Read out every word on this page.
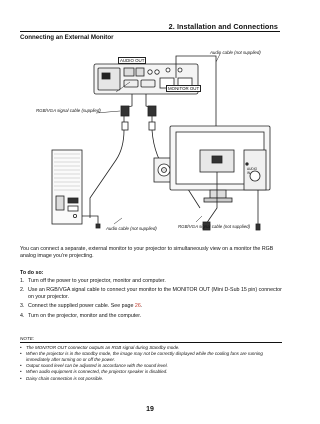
2. Installation and Connections
Connecting an External Monitor
Audio cable (not supplied)
AUDIO OUT
MONITOR OUT
RGB/VGA signal cable (supplied)
Audio cable (not supplied)	RGB/VGA signal cable (not supplied)
AUDIO IN
You can connect a separate, external monitor to your projector to simultaneously view on a monitor the RGB analog image you’re projecting.
To do so:
1. Turn off the power to your projector, monitor and computer.
2. Use an RGB/VGA signal cable to connect your monitor to the MONITOR OUT (Mini D-Sub 15 pin) connector on your projector.
3. Connect the supplied power cable. See page 26.
4. Turn on the projector, monitor and the computer.
NOTE:
• The MONITOR OUT connector outputs an RGB signal during Standby mode.
• When the projector is in the standby mode, the image may not be correctly displayed while the cooling fans are running immediately after turning on or off the power.
• Output sound level can be adjusted in accordance with the sound level.
• When audio equipment is connected, the projector speaker is disabled.
• Daisy chain connection is not possible.
19
